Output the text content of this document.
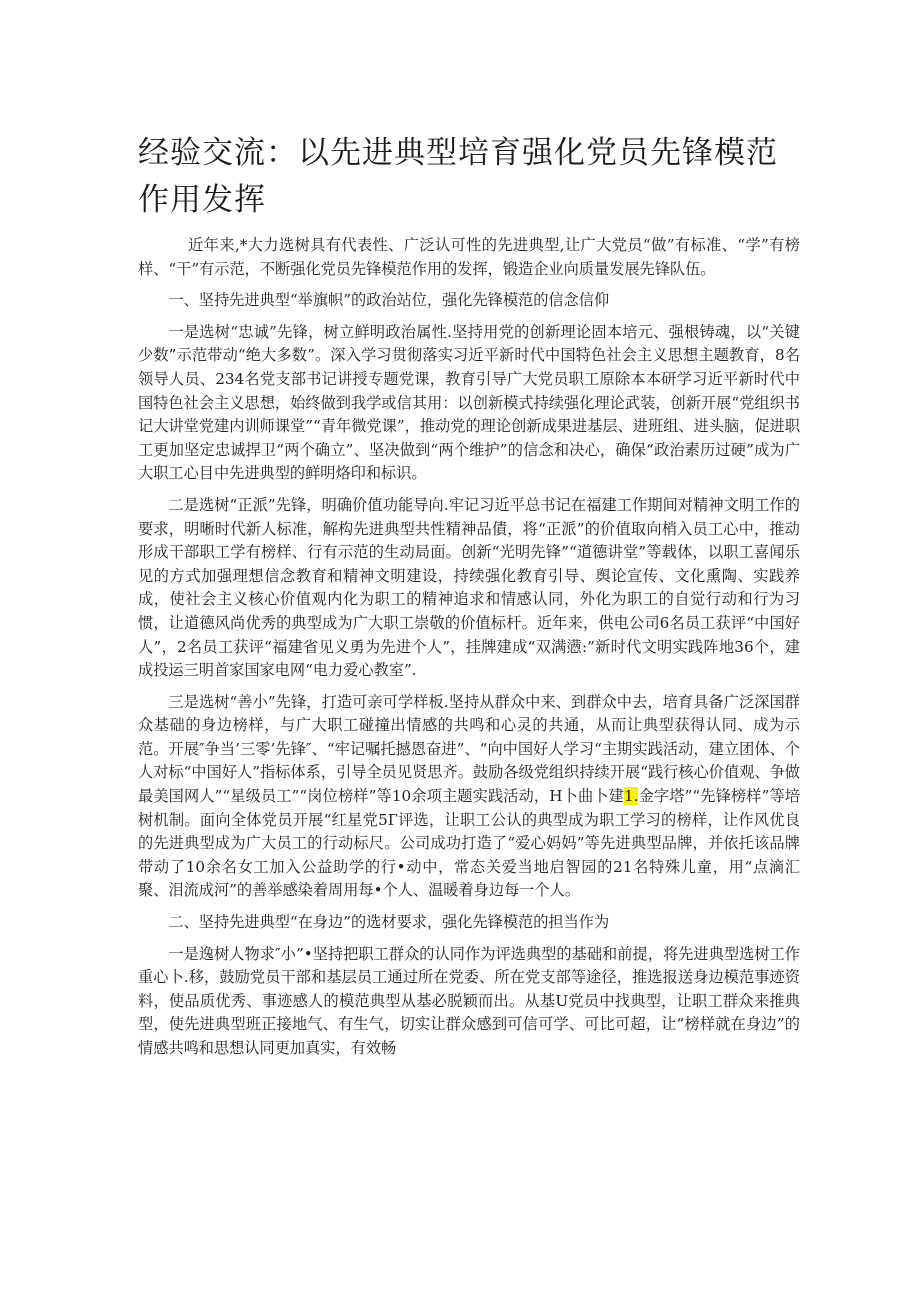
经验交流：以先进典型培育强化党员先锋模范作用发挥

近年来,*大力选树具有代表性、广泛认可性的先进典型,让广大党员“做”有标准、“学”有榜样、“干”有示范，不断强化党员先锋模范作用的发挥，锻造企业向质量发展先锋队伍。

一、坚持先进典型“举旗帜”的政治站位，强化先锋模范的信念信仰

一是选树“忠诚”先锋，树立鲜明政治属性.坚持用党的创新理论固本培元、强根铸魂，以“关键少数”示范带动“绝大多数”。深入学习贯彻落实习近平新时代中国特色社会主义思想主题教育，8名领导人员、234名党支部书记讲授专题党课，教育引导广大党员职工原除本本研学习近平新时代中国特色社会主义思想，始终做到我学或信其用：以创新模式持续强化理论武装，创新开展“党组织书记大讲堂党建内训师课堂”“青年微党课”，推动党的理论创新成果进基层、进班组、进头脑，促进职工更加坚定忠诚捍卫“两个确立”、坚决做到“两个维护”的信念和决心，确保“政治素历过硬”成为广大职工心目中先进典型的鲜明烙印和标识。

二是选树“正派”先锋，明确价值功能导向.牢记习近平总书记在福建工作期间对精神文明工作的要求，明晰时代新人标准，解构先进典型共性精神品債，将“正派”的价值取向梢入员工心中，推动形成干部职工学有榜样、行有示范的生动局面。创新“光明先锋”“道德讲堂”等载体，以职工喜闻乐见的方式加强理想信念教育和精神文明建设，持续强化教育引导、舆论宣传、文化熏陶、实践养成，使社会主义核心价值观内化为职工的精神追求和情感认同，外化为职工的自觉行动和行为习惯，让道德风尚优秀的典型成为广大职工崇敬的价值标杆。近年来，供电公司6名员工获评“中国好人”，2名员工获评“福建省见义勇为先进个人”，挂牌建成“双满懑:”新时代文明实践阵地36个，建成投运三明首家国家电网“电力爱心教室”.

三是选树“善小”先锋，打造可亲可学样板.坚持从群众中来、到群众中去，培育具备广泛深国群众基础的身边榜样，与广大职工碰撞出情感的共鸣和心灵的共通，从而让典型获得认同、成为示范。开展″争当’三零’先锋″、“牢记嘱托撼恩奋进”、“向中国好人学习“主期实践活动，建立团体、个人对标“中国好人”指标体系，引导全员见贤思齐。鼓励各级党组织持续开展“践行核心价值观、争做最美国网人”“星级员工”“岗位榜样”等10余项主题实践活动，H卜曲卜建1.金字塔”“先锋榜样”等培树机制。面向全体党员开展“红星党5Г评选，让职工公认的典型成为职工学习的榜样，让作风优良的先进典型成为广大员工的行动标尺。公司成功打造了“爱心妈妈”等先进典型品牌，并依托该品牌带动了10余名女工加入公益助学的行•动中，常态关爱当地启智园的21名特殊儿童，用“点滴汇聚、泪流成河”的善举感染着周用每•个人、温暖着身边每一个人。

二、坚持先进典型“在身边”的选材要求，强化先锋模范的担当作为

一是逸树人物求″小”•坚持把职工群众的认同作为评选典型的基础和前提，将先进典型选树工作重心卜.移，鼓励党员干部和基层员工通过所在党委、所在党支部等途径，推选报送身边模范事迹资料，使品质优秀、事迹感人的模范典型从基必脱颖而出。从基U党员中找典型，让职工群众来推典型，使先进典型班正接地气、有生气，切实让群众感到可信可学、可比可超，让“榜样就在身边”的情感共鸣和思想认同更加真实，有效畅
